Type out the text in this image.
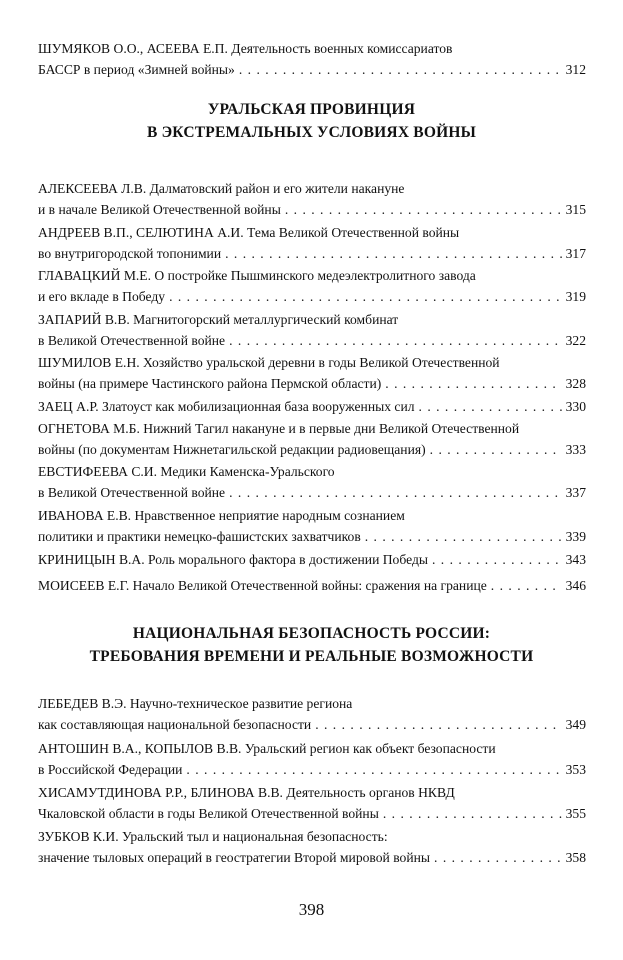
ШУМЯКОВ О.О., АСЕЕВА Е.П. Деятельность военных комиссариатов
БАССР в период «Зимней войны» . . .	312
УРАЛЬСКАЯ ПРОВИНЦИЯ
В ЭКСТРЕМАЛЬНЫХ УСЛОВИЯХ ВОЙНЫ
АЛЕКСЕЕВА Л.В. Далматовский район и его жители накануне
и в начале Великой Отечественной войны . . .	315
АНДРЕЕВ В.П., СЕЛЮТИНА А.И. Тема Великой Отечественной войны
во внутригородской топонимии . . .	317
ГЛАВАЦКИЙ М.Е. О постройке Пышминского медеэлектролитного завода
и его вкладе в Победу . . .	319
ЗАПАРИЙ В.В. Магнитогорский металлургический комбинат
в Великой Отечественной войне . . .	322
ШУМИЛОВ Е.Н. Хозяйство уральской деревни в годы Великой Отечественной
войны (на примере Частинского района Пермской области) . . .	328
ЗАЕЦ А.Р. Златоуст как мобилизационная база вооруженных сил . . .	330
ОГНЕТОВА М.Б. Нижний Тагил накануне и в первые дни Великой Отечественной
войны (по документам Нижнетагильской редакции радиовещания) . . .	333
ЕВСТИФЕЕВА С.И. Медики Каменска-Уральского
в Великой Отечественной войне . . .	337
ИВАНОВА Е.В. Нравственное неприятие народным сознанием
политики и практики немецко-фашистских захватчиков . . .	339
КРИНИЦЫН В.А. Роль морального фактора в достижении Победы . . .	343
МОИСЕЕВ Е.Г. Начало Великой Отечественной войны: сражения на границе . . .	346
НАЦИОНАЛЬНАЯ БЕЗОПАСНОСТЬ РОССИИ:
ТРЕБОВАНИЯ ВРЕМЕНИ И РЕАЛЬНЫЕ ВОЗМОЖНОСТИ
ЛЕБЕДЕВ В.Э. Научно-техническое развитие региона
как составляющая национальной безопасности . . .	349
АНТОШИН В.А., КОПЫЛОВ В.В. Уральский регион как объект безопасности
в Российской Федерации . . .	353
ХИСАМУТДИНОВА Р.Р., БЛИНОВА В.В. Деятельность органов НКВД
Чкаловской области в годы Великой Отечественной войны . . .	355
ЗУБКОВ К.И. Уральский тыл и национальная безопасность:
значение тыловых операций в геостратегии Второй мировой войны . . .	358
398
